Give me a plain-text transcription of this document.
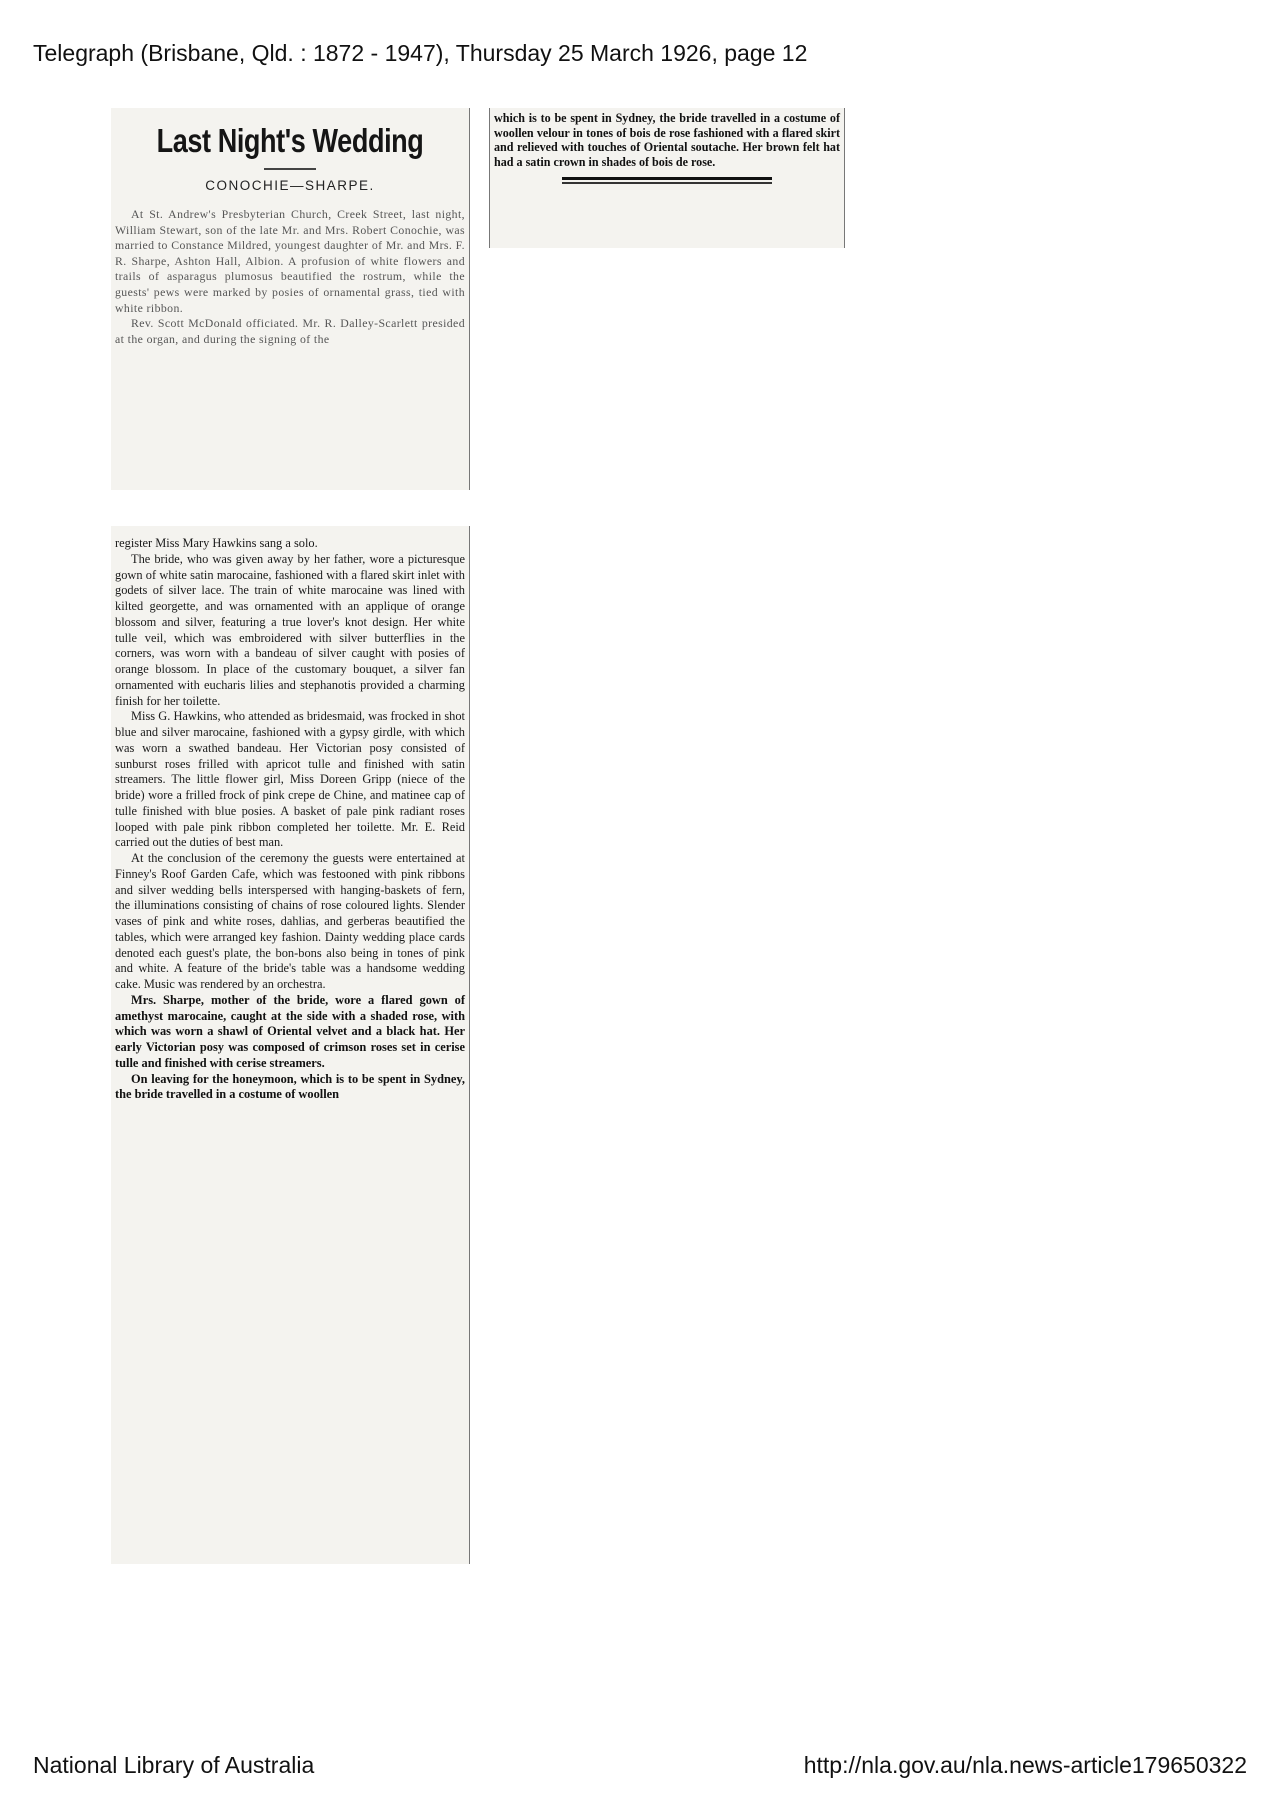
Telegraph (Brisbane, Qld. : 1872 - 1947), Thursday 25 March 1926, page 12
Last Night's Wedding
CONOCHIE—SHARPE.

At St. Andrew's Presbyterian Church, Creek Street, last night, William Stewart, son of the late Mr. and Mrs. Robert Conochie, was married to Constance Mildred, youngest daughter of Mr. and Mrs. F. R. Sharpe, Ashton Hall, Albion. A profusion of white flowers and trails of asparagus plumosus beautified the rostrum, while the guests' pews were marked by posies of ornamental grass, tied with white ribbon.

Rev. Scott McDonald officiated. Mr. R. Dalley-Scarlett presided at the organ, and during the signing of the

register Miss Mary Hawkins sang a solo.

The bride, who was given away by her father, wore a picturesque gown of white satin marocaine, fashioned with a flared skirt inlet with godets of silver lace. The train of white marocaine was lined with kilted georgette, and was ornamented with an applique of orange blossom and silver, featuring a true lover's knot design. Her white tulle veil, which was embroidered with silver butterflies in the corners, was worn with a bandeau of silver caught with posies of orange blossom. In place of the customary bouquet, a silver fan ornamented with eucharis lilies and stephanotis provided a charming finish for her toilette.

Miss G. Hawkins, who attended as bridesmaid, was frocked in shot blue and silver marocaine, fashioned with a gypsy girdle, with which was worn a swathed bandeau. Her Victorian posy consisted of sunburst roses frilled with apricot tulle and finished with satin streamers. The little flower girl, Miss Doreen Gripp (niece of the bride) wore a frilled frock of pink crepe de Chine, and matinee cap of tulle finished with blue posies. A basket of pale pink radiant roses looped with pale pink ribbon completed her toilette. Mr. E. Reid carried out the duties of best man.

At the conclusion of the ceremony the guests were entertained at Finney's Roof Garden Cafe, which was festooned with pink ribbons and silver wedding bells interspersed with hanging-baskets of fern, the illuminations consisting of chains of rose coloured lights. Slender vases of pink and white roses, dahlias, and gerberas beautified the tables, which were arranged key fashion. Dainty wedding place cards denoted each guest's plate, the bon-bons also being in tones of pink and white. A feature of the bride's table was a handsome wedding cake. Music was rendered by an orchestra.

Mrs. Sharpe, mother of the bride, wore a flared gown of amethyst marocaine, caught at the side with a shaded rose, with which was worn a shawl of Oriental velvet and a black hat. Her early Victorian posy was composed of crimson roses set in cerise tulle and finished with cerise streamers.

On leaving for the honeymoon, which is to be spent in Sydney, the bride travelled in a costume of woollen

which is to be spent in Sydney, the bride travelled in a costume of woollen velour in tones of bois de rose fashioned with a flared skirt and relieved with touches of Oriental soutache. Her brown felt hat had a satin crown in shades of bois de rose.

National Library of Australia	http://nla.gov.au/nla.news-article179650322
